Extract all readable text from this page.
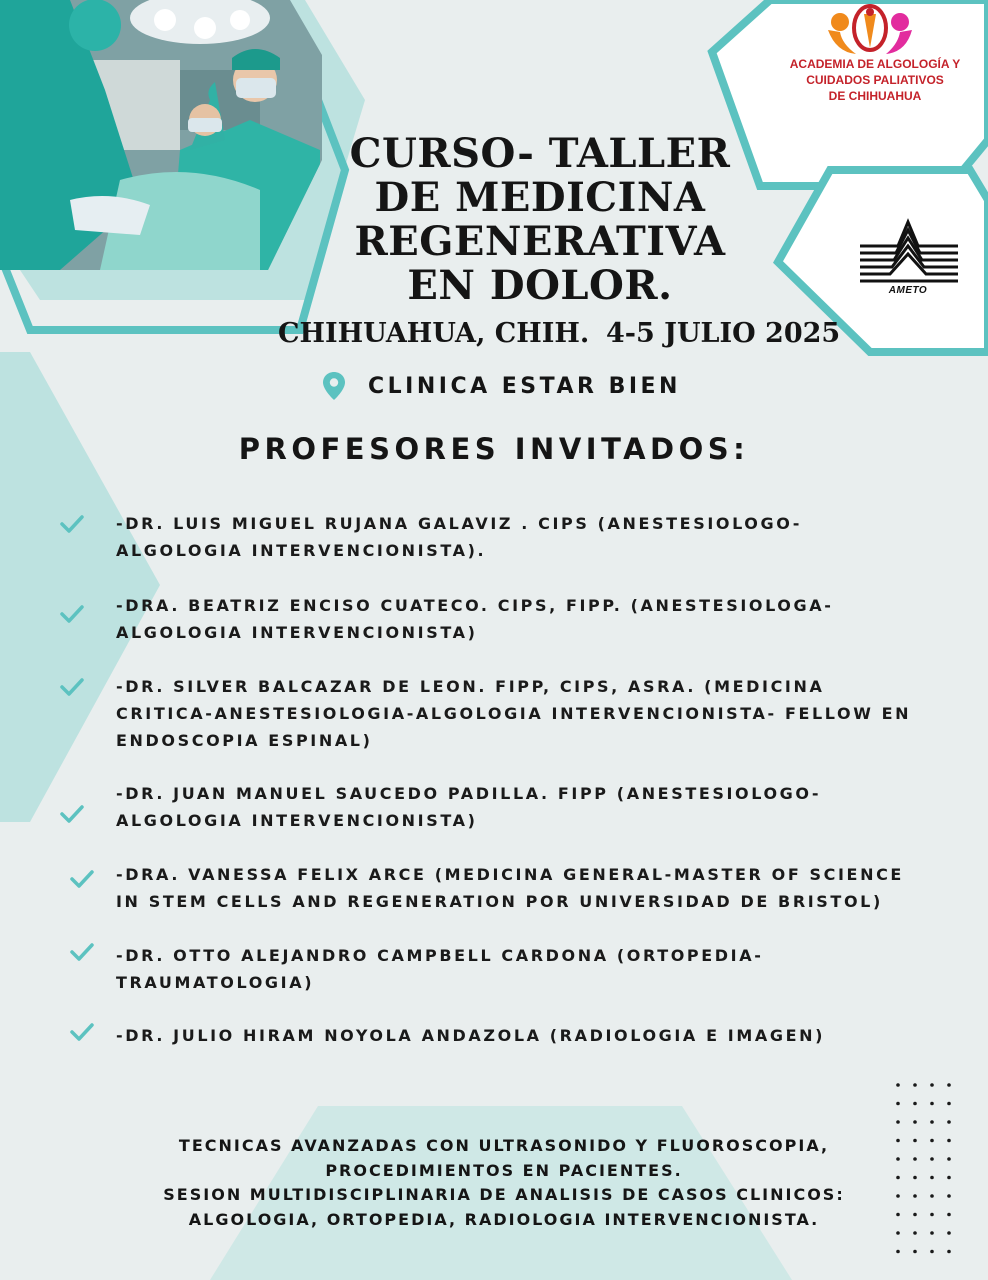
ACADEMIA DE ALGOLOGÍA Y
CUIDADOS PALIATIVOS
DE CHIHUAHUA
AMETO
CURSO- TALLER
DE MEDICINA
REGENERATIVA
EN DOLOR.
CHIHUAHUA, CHIH. 4-5 JULIO 2025
CLINICA ESTAR BIEN
PROFESORES INVITADOS:
-DR. LUIS MIGUEL RUJANA GALAVIZ . CIPS (ANESTESIOLOGO-ALGOLOGIA INTERVENCIONISTA).
-DRA. BEATRIZ ENCISO CUATECO. CIPS, FIPP. (ANESTESIOLOGA-ALGOLOGIA INTERVENCIONISTA)
-DR. SILVER BALCAZAR DE LEON. FIPP, CIPS, ASRA. (MEDICINA CRITICA-ANESTESIOLOGIA-ALGOLOGIA INTERVENCIONISTA- FELLOW EN ENDOSCOPIA ESPINAL)
-DR. JUAN MANUEL SAUCEDO PADILLA. FIPP (ANESTESIOLOGO-ALGOLOGIA INTERVENCIONISTA)
-DRA. VANESSA FELIX ARCE (MEDICINA GENERAL-MASTER OF SCIENCE IN STEM CELLS AND REGENERATION POR UNIVERSIDAD DE BRISTOL)
-DR. OTTO ALEJANDRO CAMPBELL CARDONA (ORTOPEDIA-TRAUMATOLOGIA)
-DR. JULIO HIRAM NOYOLA ANDAZOLA (RADIOLOGIA E IMAGEN)
TECNICAS AVANZADAS CON ULTRASONIDO Y FLUOROSCOPIA,
PROCEDIMIENTOS EN PACIENTES.
SESION MULTIDISCIPLINARIA DE ANALISIS DE CASOS CLINICOS:
ALGOLOGIA, ORTOPEDIA, RADIOLOGIA INTERVENCIONISTA.
